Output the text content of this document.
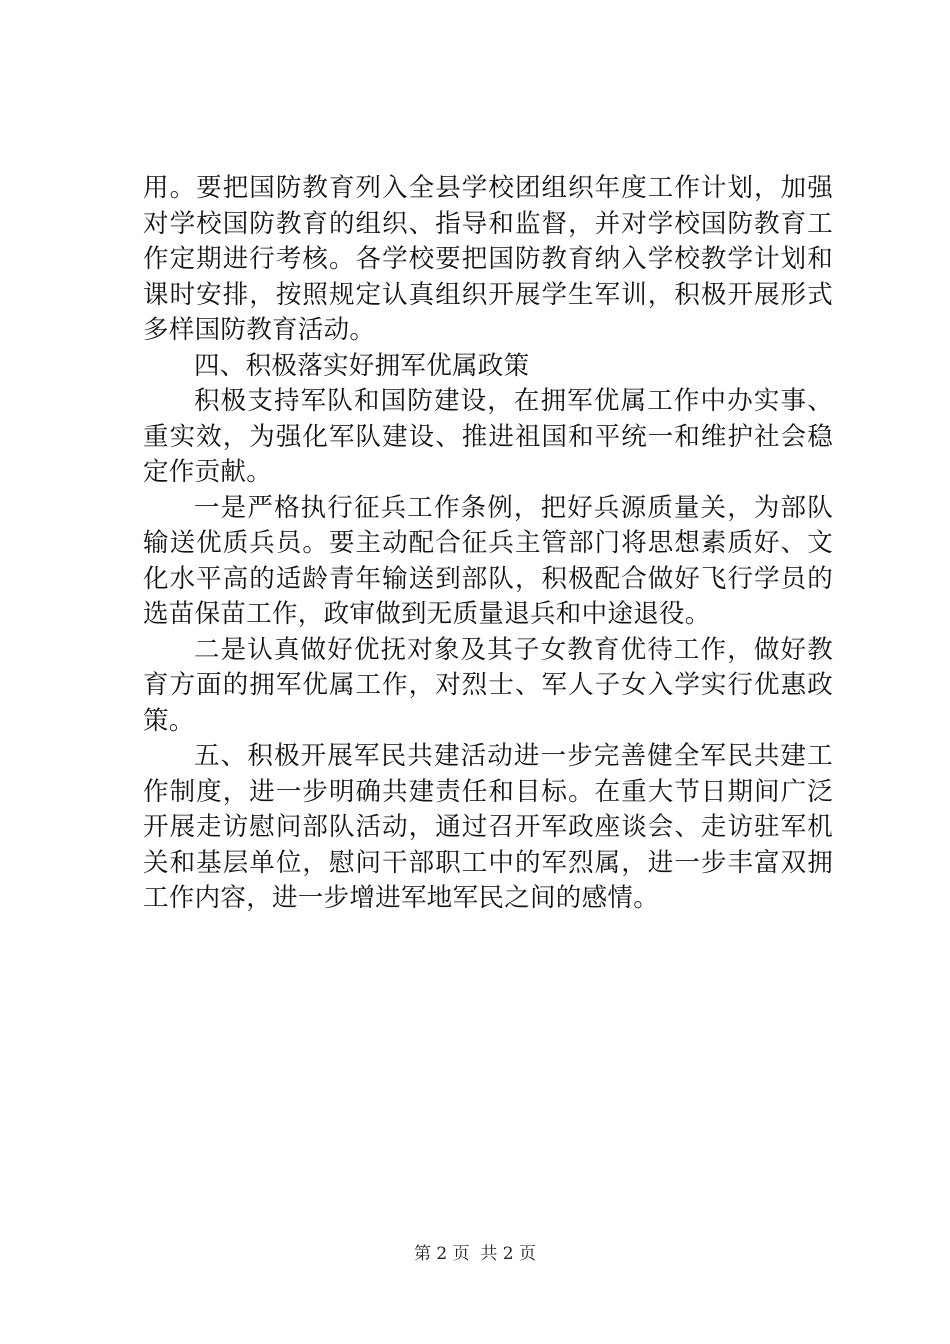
用。要把国防教育列入全县学校团组织年度工作计划，加强对学校国防教育的组织、指导和监督，并对学校国防教育工作定期进行考核。各学校要把国防教育纳入学校教学计划和课时安排，按照规定认真组织开展学生军训，积极开展形式多样国防教育活动。

四、积极落实好拥军优属政策

积极支持军队和国防建设，在拥军优属工作中办实事、重实效，为强化军队建设、推进祖国和平统一和维护社会稳定作贡献。

一是严格执行征兵工作条例，把好兵源质量关，为部队输送优质兵员。要主动配合征兵主管部门将思想素质好、文化水平高的适龄青年输送到部队，积极配合做好飞行学员的选苗保苗工作，政审做到无质量退兵和中途退役。

二是认真做好优抚对象及其子女教育优待工作，做好教育方面的拥军优属工作，对烈士、军人子女入学实行优惠政策。

五、积极开展军民共建活动进一步完善健全军民共建工作制度，进一步明确共建责任和目标。在重大节日期间广泛开展走访慰问部队活动，通过召开军政座谈会、走访驻军机关和基层单位，慰问干部职工中的军烈属，进一步丰富双拥工作内容，进一步增进军地军民之间的感情。

第 2 页  共 2 页
